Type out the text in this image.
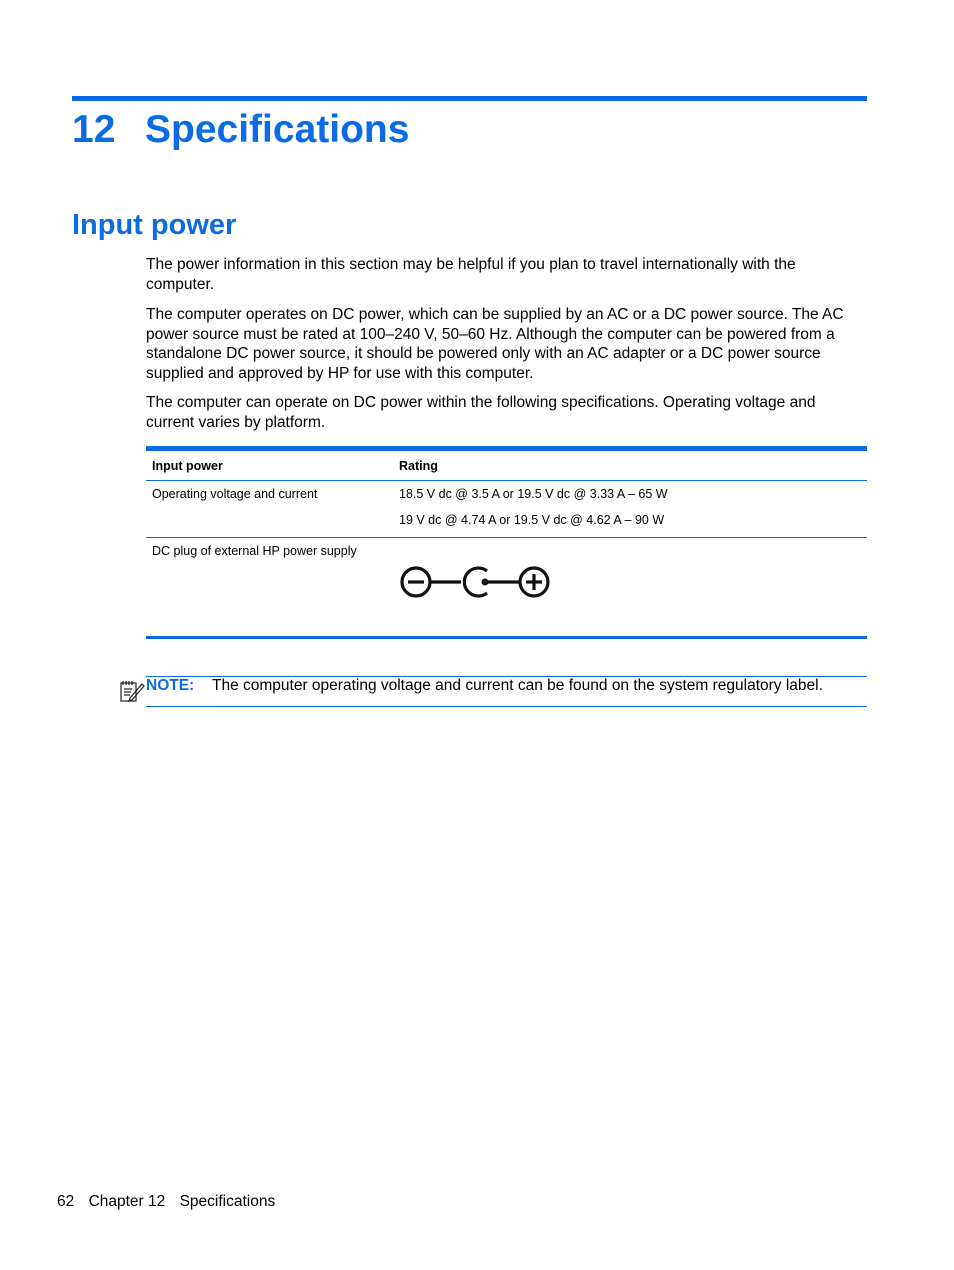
12 Specifications
Input power

The power information in this section may be helpful if you plan to travel internationally with the computer.

The computer operates on DC power, which can be supplied by an AC or a DC power source. The AC power source must be rated at 100–240 V, 50–60 Hz. Although the computer can be powered from a standalone DC power source, it should be powered only with an AC adapter or a DC power source supplied and approved by HP for use with this computer.

The computer can operate on DC power within the following specifications. Operating voltage and current varies by platform.

Input power	Rating
Operating voltage and current	18.5 V dc @ 3.5 A or 19.5 V dc @ 3.33 A – 65 W
19 V dc @ 4.74 A or 19.5 V dc @ 4.62 A – 90 W
DC plug of external HP power supply
NOTE: The computer operating voltage and current can be found on the system regulatory label.
62 Chapter 12 Specifications
